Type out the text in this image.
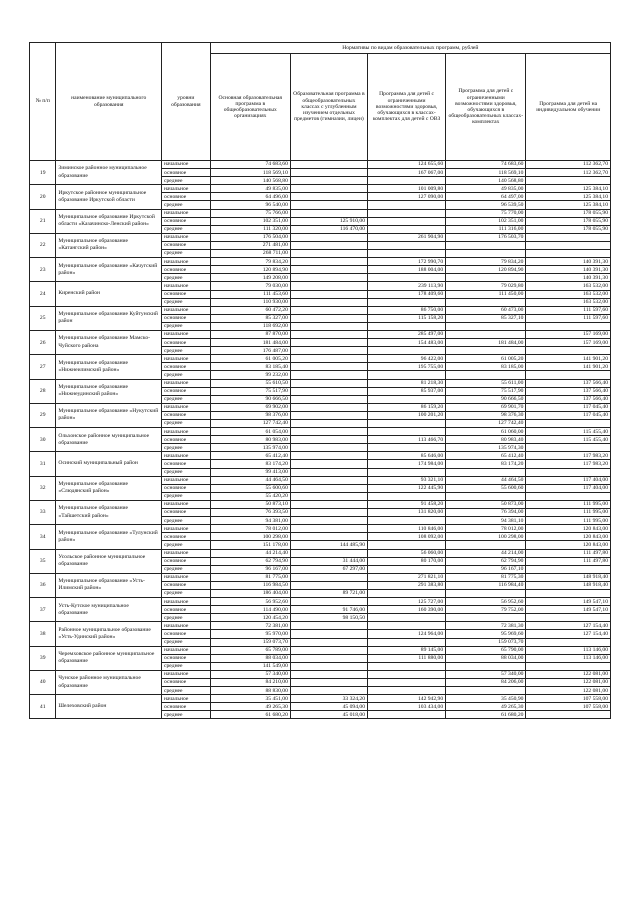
№ п/п	наименование муниципального образования	уровни образования	Нормативы по видам образовательных программ, рублей				
			Основная образовательная программа в общеобразовательных организациях	Образовательная программа в общеобразовательных классах с углубленным изучением отдельных предметов (гимназии, лицеи)	Программа для детей с ограниченными возможностями здоровья, обучающихся в классах-комплектах для детей с ОВЗ	Программа для детей с ограниченными возможностями здоровья, обучающихся в общеобразовательных классах-комплектах	Программа для детей на индивидуальном обучении
19	Зиминское районное муниципальное образование	начальное	74 683,60		124 655,60	74 683,60	112 362,70
		основное	118 569,10		167 067,00	118 569,10	112 362,70
		среднее	140 568,80			140 568,80	
20	Иркутское районное муниципальное образование Иркутской области	начальное	49 835,00		101 009,80	49 835,00	125 384,10
		основное	64 496,00		127 090,00	64 497,00	125 384,10
		среднее	96 540,00			96 539,50	125 384,10
21	Муниципальное образование Иркутской области «Казачинско-Ленский район»	начальное	75 766,00			75 770,00	178 055,90
		основное	102 351,00	125 910,00		102 351,00	178 055,90
		среднее	111 320,00	116 470,00		111 316,00	178 055,90
22	Муниципальное образование «Катангский район»	начальное	176 504,00		261 904,90	176 503,70	
		основное	271 481,00				
		среднее	268 711,00				
23	Муниципальное образование «Качугский район»	начальное	79 834,20		172 990,70	79 834,20	140 391,30
		основное	120 894,90		188 004,00	120 894,90	140 391,30
		среднее	149 208,00				140 391,30
24	Киренский район	начальное	79 030,00		239 113,90	79 029,80	163 532,00
		основное	111 453,60		178 409,60	111 450,00	163 532,00
		среднее	110 930,00				163 532,00
25	Муниципальное образование Куйтунский район	начальное	60 472,20		86 750,00	60 473,00	111 597,60
		основное	85 327,00		115 158,20	85 327,10	111 597,60
		среднее	118 692,00				
26	Муниципальное образование Мамско-Чуйского района	начальное	87 870,00		285 497,00		157 169,00
		основное	181 484,00		154 483,00	181 484,00	157 169,00
		среднее	176 487,00				
27	Муниципальное образование «Нижнеилимский район»	начальное	61 005,20		96 422,00	61 005,20	141 901,20
		основное	83 185,40		195 755,00	83 185,00	141 901,20
		среднее	99 232,00				
28	Муниципальное образование «Нижнеудинский район»	начальное	55 610,50		81 218,30	55 611,00	137 566,40
		основное	75 517,90		85 937,00	75 517,90	137 566,40
		среднее	90 666,50			90 666,50	137 566,40
29	Муниципальное образование «Нукутский район»	начальное	69 902,00		86 159,20	69 901,70	117 045,40
		основное	98 376,00		100 201,20	98 376,30	117 045,40
		среднее	127 742,40			127 742,40	
30	Ольхонское районное муниципальное образование	начальное	61 054,00			61 060,00	115 455,40
		основное	80 983,00		113 466,70	80 983,40	115 455,40
		среднее	135 974,00			135 974,30	
31	Осинский муниципальный район	начальное	65 412,40		85 646,00	65 412,40	117 983,20
		основное	83 174,20		174 984,00	83 174,20	117 983,20
		среднее	99 413,00				
32	Муниципальное образование «Слюдянский район»	начальное	44 464,50		93 321,10	44 464,50	117 404,00
		основное	55 600,60		122 445,90	55 600,60	117 404,00
		среднее	55 420,20				
33	Муниципальное образование «Тайшетский район»	начальное	50 873,10		91 458,20	50 873,00	111 995,00
		основное	76 393,50		131 820,00	76 394,00	111 995,00
		среднее	94 381,00			94 381,10	111 995,00
34	Муниципальное образование «Тулунский район»	начальное	78 012,00		110 846,00	78 012,00	120 843,00
		основное	100 298,00		108 092,00	100 298,00	120 843,00
		среднее	151 178,00	144 485,90			120 843,00
35	Усольское районное муниципальное образование	начальное	44 214,40		56 060,00	44 214,00	111 497,80
		основное	62 794,90	31 444,00	80 170,00	62 794,90	111 497,80
		среднее	96 167,00	67 297,00		96 167,10	
36	Муниципальное образование «Усть-Илимский район»	начальное	81 775,00		271 821,10	81 775,30	148 918,40
		основное	116 984,50		291 383,80	116 984,40	148 918,40
		среднее	186 404,00	89 721,00			
37	Усть-Кутское муниципальное образование	начальное	56 952,60		125 727,00	56 952,60	149 547,10
		основное	114 490,00	91 746,00	160 390,00	79 752,00	149 547,10
		среднее	120 454,20	98 150,50			
38	Районное муниципальное образование «Усть-Удинский район»	начальное	72 381,00			72 381,30	127 154,40
		основное	95 970,00		124 964,00	95 969,60	127 154,40
		среднее	159 073,70			159 073,70	
39	Черемховское районное муниципальное образование	начальное	65 789,00		89 145,00	65 790,00	113 146,00
		основное	88 034,00		111 880,00	88 034,00	113 146,00
		среднее	141 549,00				
40	Чунское районное муниципальное образование	начальное	57 340,00			57 340,00	122 081,00
		основное	84 210,00			84 206,00	122 081,00
		среднее	88 830,00				122 081,00
41	Шелеховский район	начальное	35 451,00	33 324,20	142 942,90	35 450,90	107 558,00
		основное	49 265,30	45 094,00	103 434,00	49 265,30	107 558,00
		среднее	61 680,20	45 018,00		61 680,20	
